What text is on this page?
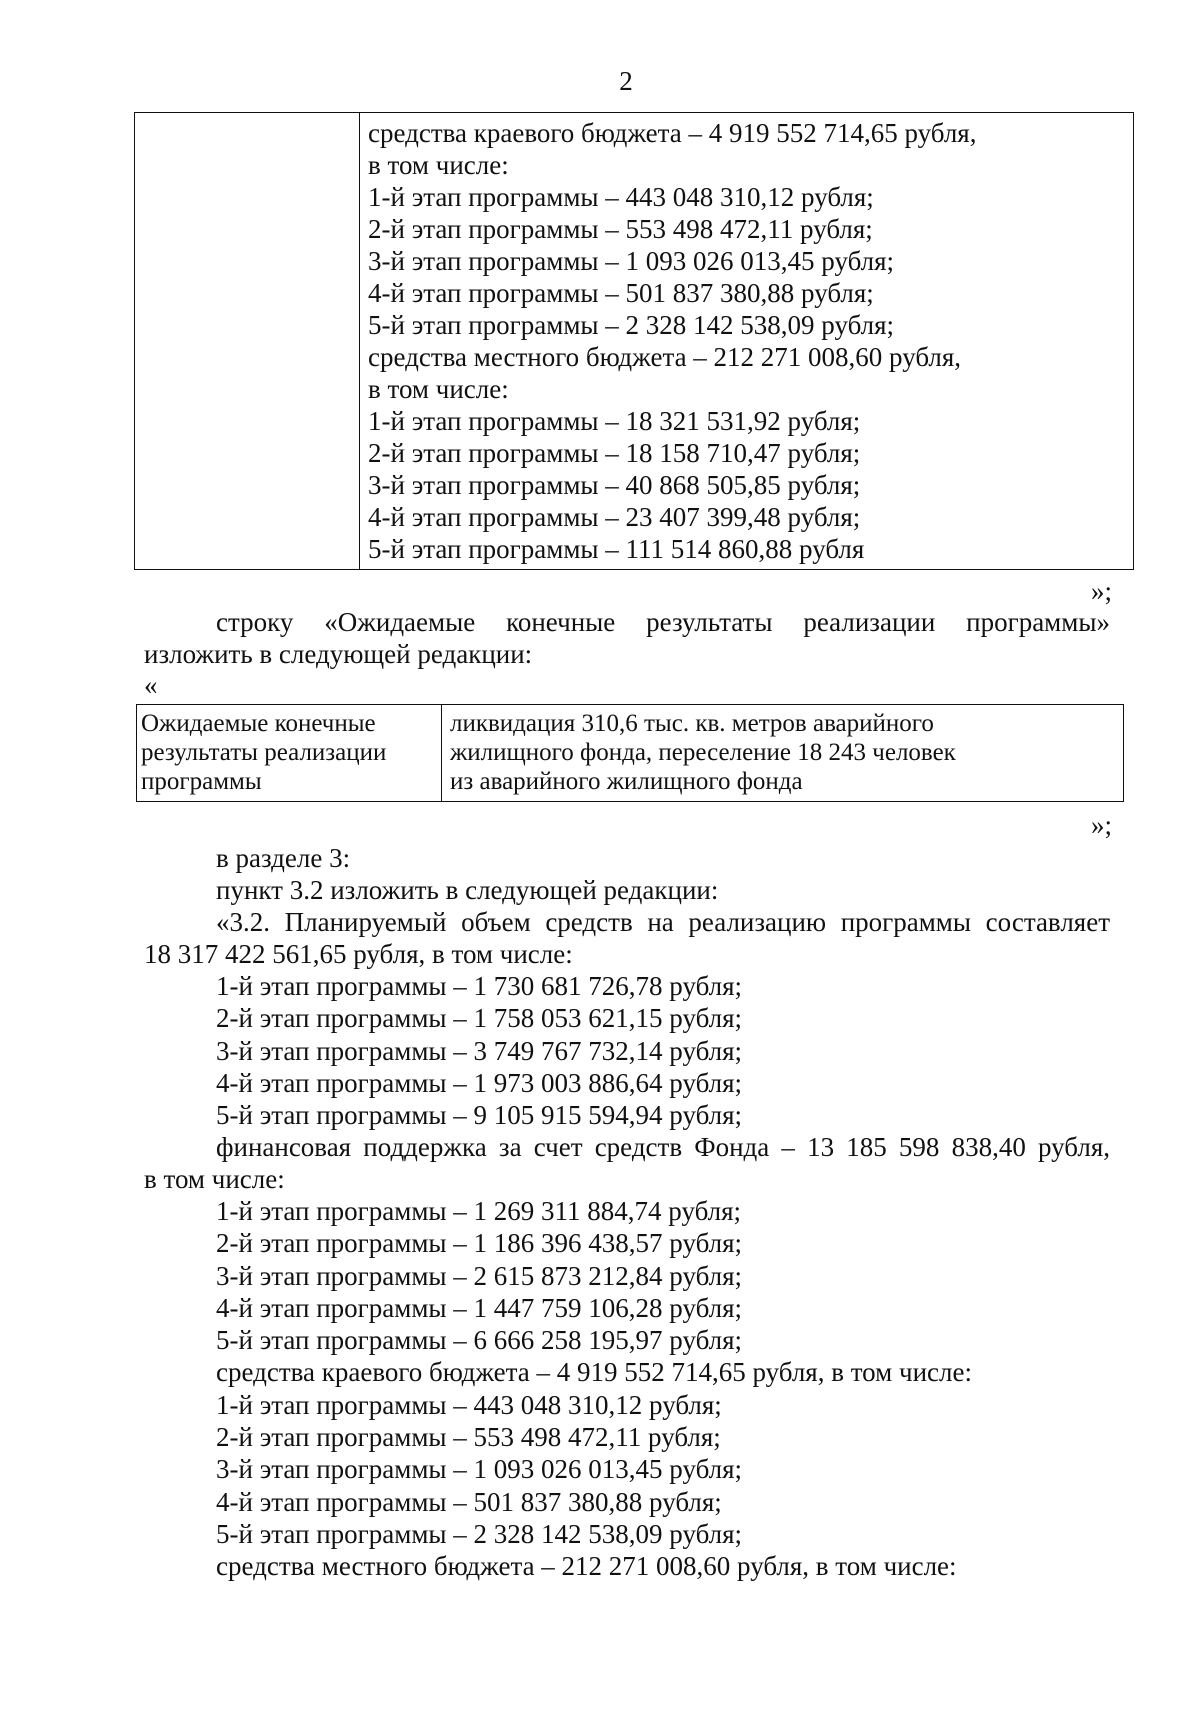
2
средства краевого бюджета – 4 919 552 714,65 рубля,
в том числе:
1-й этап программы – 443 048 310,12 рубля;
2-й этап программы – 553 498 472,11 рубля;
3-й этап программы – 1 093 026 013,45 рубля;
4-й этап программы – 501 837 380,88 рубля;
5-й этап программы – 2 328 142 538,09 рубля;
средства местного бюджета – 212 271 008,60 рубля,
в том числе:
1-й этап программы – 18 321 531,92 рубля;
2-й этап программы – 18 158 710,47 рубля;
3-й этап программы – 40 868 505,85 рубля;
4-й этап программы – 23 407 399,48 рубля;
5-й этап программы – 111 514 860,88 рубля
»;
строку «Ожидаемые конечные результаты реализации программы»
изложить в следующей редакции:
«
Ожидаемые конечные
результаты реализации
программы
ликвидация 310,6 тыс. кв. метров аварийного
жилищного фонда, переселение 18 243 человек
из аварийного жилищного фонда
»;
в разделе 3:
пункт 3.2 изложить в следующей редакции:
«3.2. Планируемый объем средств на реализацию программы составляет
18 317 422 561,65 рубля, в том числе:
1-й этап программы – 1 730 681 726,78 рубля;
2-й этап программы – 1 758 053 621,15 рубля;
3-й этап программы – 3 749 767 732,14 рубля;
4-й этап программы – 1 973 003 886,64 рубля;
5-й этап программы – 9 105 915 594,94 рубля;
финансовая поддержка за счет средств Фонда – 13 185 598 838,40 рубля,
в том числе:
1-й этап программы – 1 269 311 884,74 рубля;
2-й этап программы – 1 186 396 438,57 рубля;
3-й этап программы – 2 615 873 212,84 рубля;
4-й этап программы – 1 447 759 106,28 рубля;
5-й этап программы – 6 666 258 195,97 рубля;
средства краевого бюджета – 4 919 552 714,65 рубля, в том числе:
1-й этап программы – 443 048 310,12 рубля;
2-й этап программы – 553 498 472,11 рубля;
3-й этап программы – 1 093 026 013,45 рубля;
4-й этап программы – 501 837 380,88 рубля;
5-й этап программы – 2 328 142 538,09 рубля;
средства местного бюджета – 212 271 008,60 рубля, в том числе:
